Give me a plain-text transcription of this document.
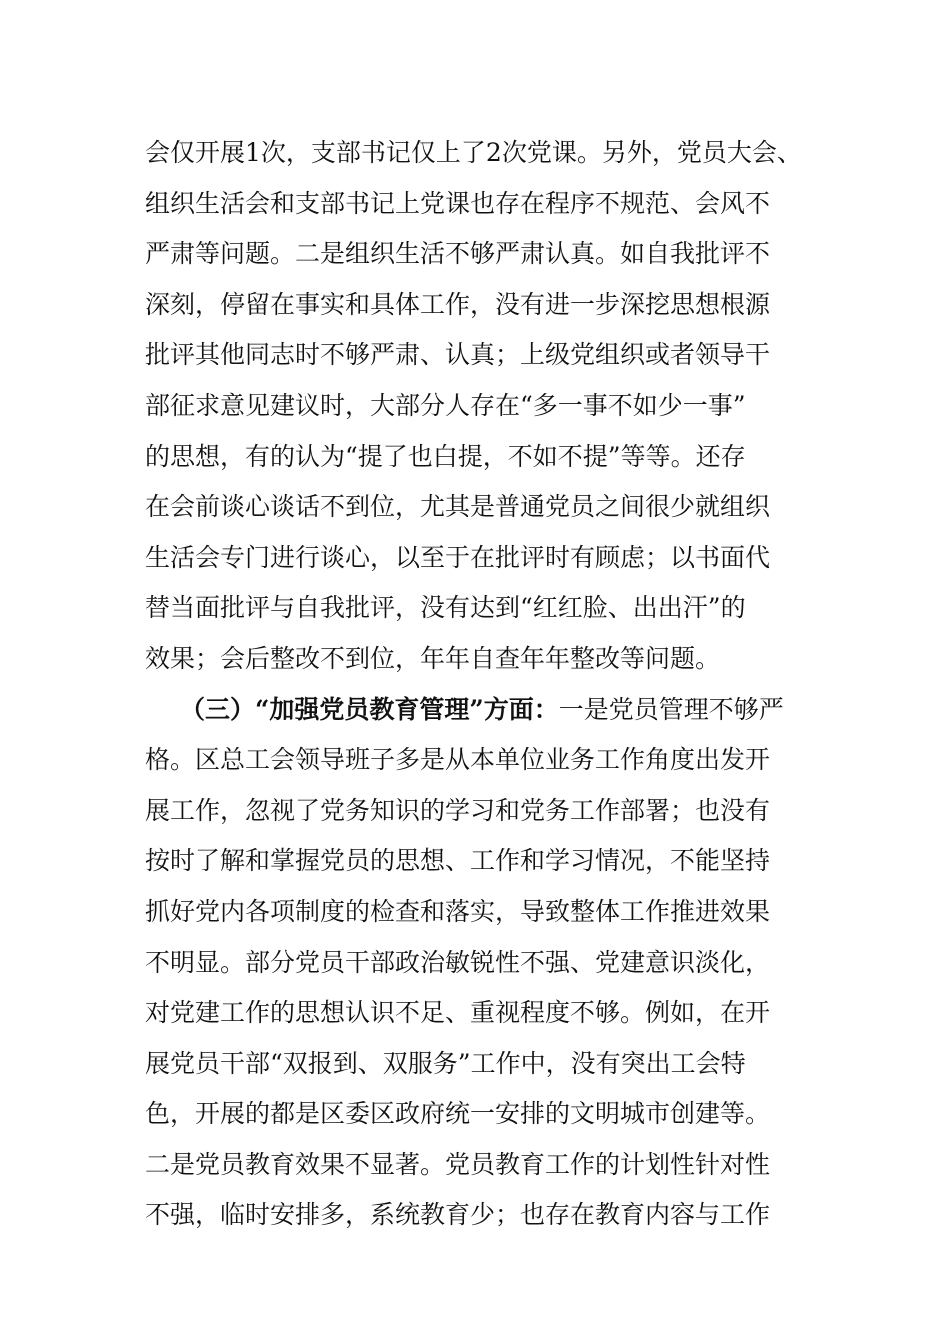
会仅开展1次，支部书记仅上了2次党课。另外，党员大会、
组织生活会和支部书记上党课也存在程序不规范、会风不
严肃等问题。二是组织生活不够严肃认真。如自我批评不
深刻，停留在事实和具体工作，没有进一步深挖思想根源
批评其他同志时不够严肃、认真；上级党组织或者领导干
部征求意见建议时，大部分人存在“多一事不如少一事”
的思想，有的认为“提了也白提，不如不提”等等。还存
在会前谈心谈话不到位，尤其是普通党员之间很少就组织
生活会专门进行谈心，以至于在批评时有顾虑；以书面代
替当面批评与自我批评，没有达到“红红脸、出出汗”的
效果；会后整改不到位，年年自查年年整改等问题。
（三）“加强党员教育管理”方面：一是党员管理不够严
格。区总工会领导班子多是从本单位业务工作角度出发开
展工作，忽视了党务知识的学习和党务工作部署；也没有
按时了解和掌握党员的思想、工作和学习情况，不能坚持
抓好党内各项制度的检查和落实，导致整体工作推进效果
不明显。部分党员干部政治敏锐性不强、党建意识淡化，
对党建工作的思想认识不足、重视程度不够。例如，在开
展党员干部“双报到、双服务”工作中，没有突出工会特
色，开展的都是区委区政府统一安排的文明城市创建等。
二是党员教育效果不显著。党员教育工作的计划性针对性
不强，临时安排多，系统教育少；也存在教育内容与工作
